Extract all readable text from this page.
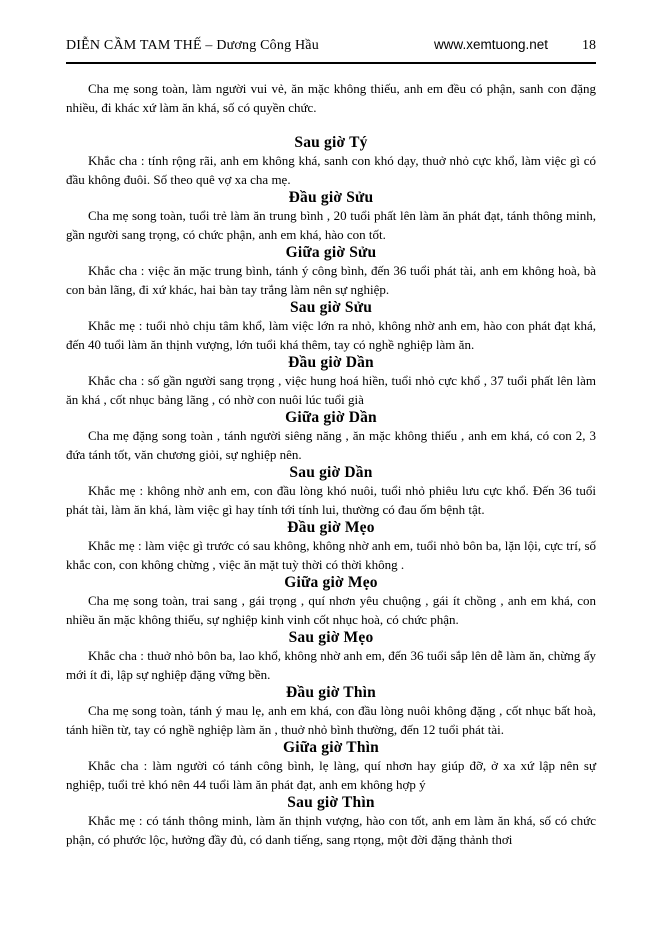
DIỄN CẦM TAM THẾ – Dương Công Hầu	www.xemtuong.net 18

Cha mẹ song toàn, làm người vui vẻ, ăn mặc không thiếu, anh em đều có phận, sanh con đặng nhiều, đi khác xứ làm ăn khá, số có quyền chức.

Sau giờ Tý

Khắc cha : tính rộng rãi, anh em không khá, sanh con khó dạy, thuở nhỏ cực khổ, làm việc gì có đầu không đuôi. Số theo quê vợ xa cha mẹ.

Đầu giờ Sửu

Cha mẹ song toàn, tuổi trẻ làm ăn trung bình , 20 tuổi phất lên làm ăn phát đạt, tánh thông minh, gần người sang trọng, có chức phận, anh em khá, hào con tốt.

Giữa giờ Sửu

Khắc cha : việc ăn mặc trung bình, tánh ý công bình, đến 36 tuổi phát tài, anh em không hoà, bà con bản lãng, đi xứ khác, hai bàn tay trắng làm nên sự nghiệp.

Sau giờ Sửu

Khắc mẹ : tuổi nhỏ chịu tâm khổ, làm việc lớn ra nhỏ, không nhờ anh em, hào con phát đạt khá, đến 40 tuổi làm ăn thịnh vượng, lớn tuổi khá thêm, tay có nghề nghiệp làm ăn.

Đầu giờ Dần

Khắc cha : số gần người sang trọng , việc hung hoá hiền, tuổi nhỏ cực khổ , 37 tuổi phất lên làm ăn khá , cốt nhục bảng lãng , có nhờ con nuôi lúc tuổi già

Giữa giờ Dần

Cha mẹ đặng song toàn , tánh người siêng năng , ăn mặc không thiếu , anh em khá, có con 2, 3 đứa tánh tốt, văn chương giỏi, sự nghiệp nên.

Sau giờ Dần

Khắc mẹ : không nhờ anh em, con đầu lòng khó nuôi, tuổi nhỏ phiêu lưu cực khổ. Đến 36 tuổi phát tài, làm ăn khá, làm việc gì hay tính tới tính lui, thường có đau ốm bệnh tật.

Đầu giờ Mẹo

Khắc mẹ : làm việc gì trước có sau không, không nhờ anh em, tuổi nhỏ bôn ba, lặn lội, cực trí, số khắc con, con không chừng , việc ăn mặt tuỳ thời có thời không .

Giữa giờ Mẹo

Cha mẹ song toàn, trai sang , gái trọng , quí nhơn yêu chuộng , gái ít chồng , anh em khá, con nhiều ăn mặc không thiếu, sự nghiệp kinh vinh cốt nhục hoà, có chức phận.

Sau giờ Mẹo

Khắc cha : thuở nhỏ bôn ba, lao khổ, không nhờ anh em, đến 36 tuổi sắp lên dễ làm ăn, chừng ấy mới ít đi, lập sự nghiệp đặng vững bền.

Đầu giờ Thìn

Cha mẹ song toàn, tánh ý mau lẹ, anh em khá, con đầu lòng nuôi không đặng , cốt nhục bất hoà, tánh hiền từ, tay có nghề nghiệp làm ăn , thuở nhỏ bình thường, đến 12 tuổi phát tài.

Giữa giờ Thìn

Khắc cha : làm người có tánh công bình, lẹ làng, quí nhơn hay giúp đỡ, ở xa xứ lập nên sự nghiệp, tuổi trẻ khó nên 44 tuổi làm ăn phát đạt, anh em không hợp ý

Sau giờ Thìn

Khắc mẹ : có tánh thông minh, làm ăn thịnh vượng, hào con tốt, anh em làm ăn khá, số có chức phận, có phước lộc, hưởng đầy đủ, có danh tiếng, sang rtọng, một đời đặng thảnh thơi
